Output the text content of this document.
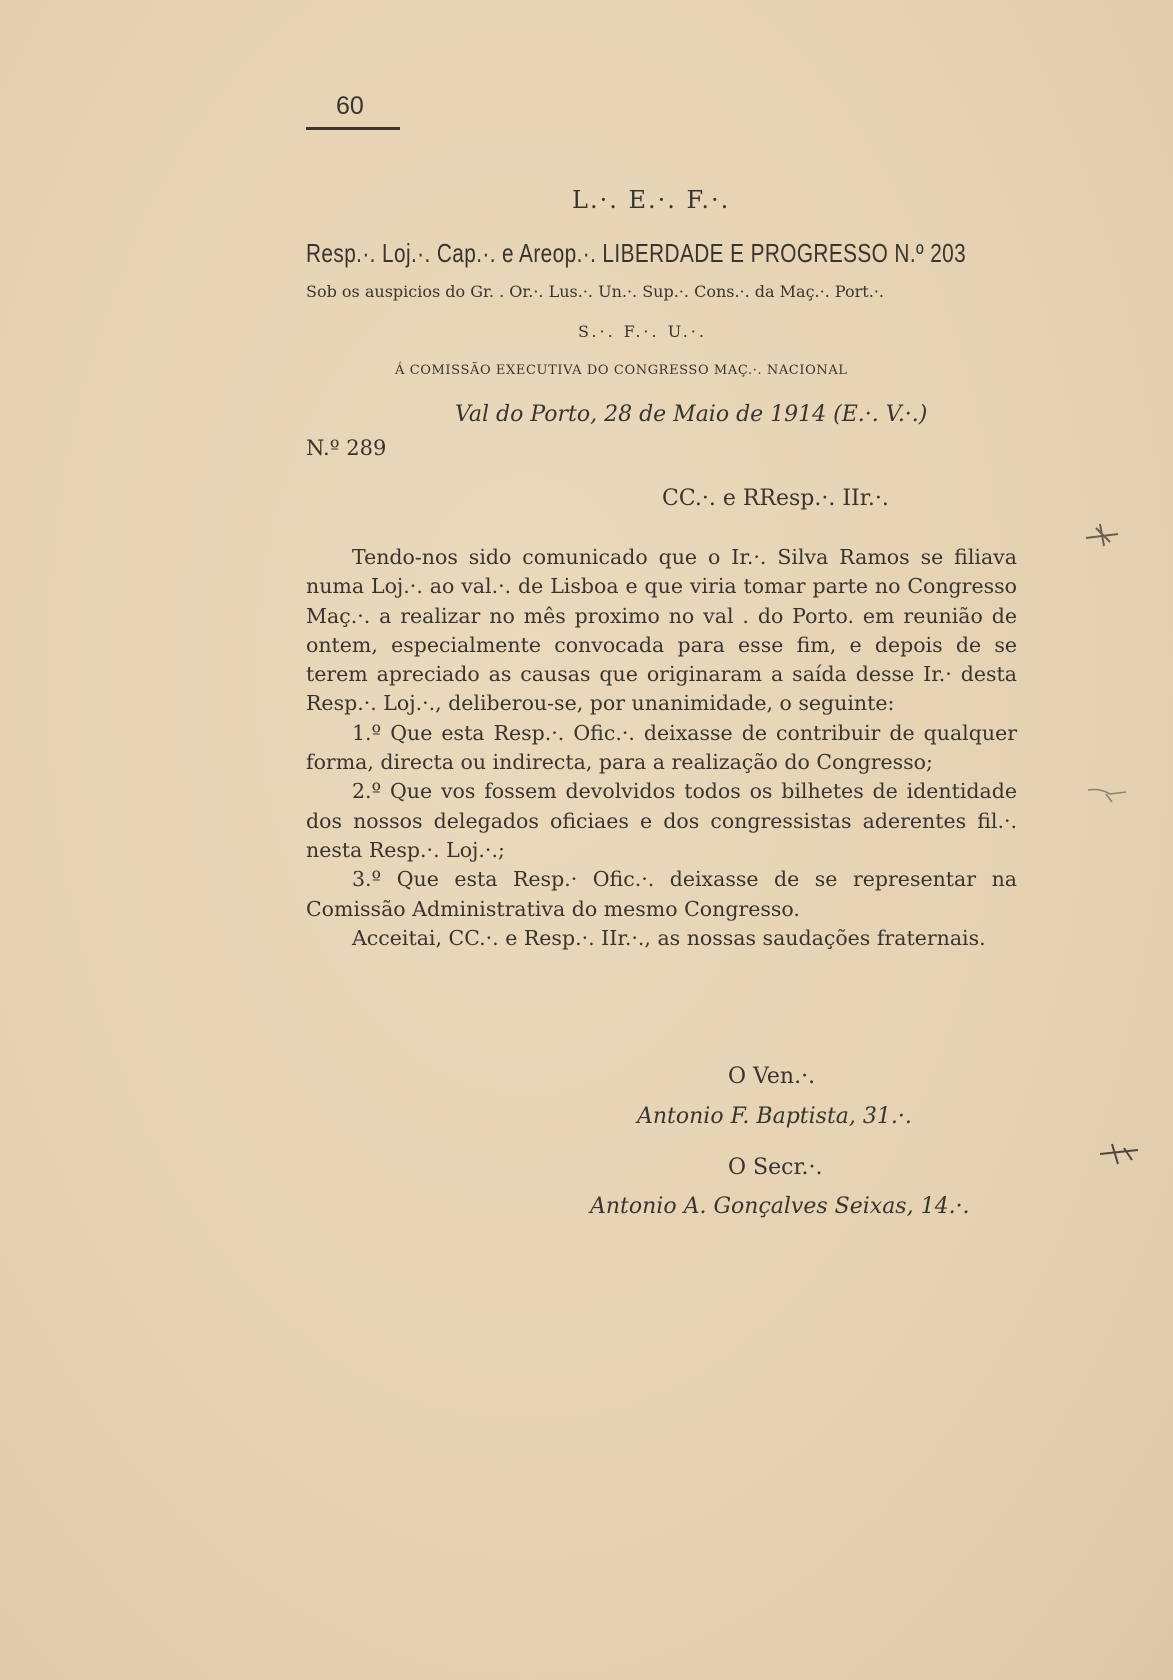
60
L.·. E.·. F.·.
Resp.·. Loj.·. Cap.·. e Areop.·. LIBERDADE E PROGRESSO N.º 203
Sob os auspicios do Gr. . Or.·. Lus.·. Un.·. Sup.·. Cons.·. da Maç.·. Port.·.
S.·. F.·. U.·.
Á COMISSÃO EXECUTIVA DO CONGRESSO MAÇ.·. NACIONAL
Val do Porto, 28 de Maio de 1914 (E.·. V.·.)
N.º 289
CC.·. e RResp.·. IIr.·.

Tendo-nos sido comunicado que o Ir.·. Silva Ramos se filiava numa Loj.·. ao val.·. de Lisboa e que viria tomar parte no Congresso Maç.·. a realizar no mês proximo no val . do Porto. em reunião de ontem, especialmente convocada para esse fim, e depois de se terem apreciado as causas que originaram a saída desse Ir.· desta Resp.·. Loj.·., deliberou-se, por unanimidade, o seguinte:

1.º Que esta Resp.·. Ofic.·. deixasse de contribuir de qualquer forma, directa ou indirecta, para a realização do Congresso;

2.º Que vos fossem devolvidos todos os bilhetes de identidade dos nossos delegados oficiaes e dos congressistas aderentes fil.·. nesta Resp.·. Loj.·.;

3.º Que esta Resp.· Ofic.·. deixasse de se representar na Comissão Administrativa do mesmo Congresso.

Acceitai, CC.·. e Resp.·. IIr.·., as nossas saudações fraternais.

O Ven.·.
Antonio F. Baptista, 31.·.
O Secr.·.
Antonio A. Gonçalves Seixas, 14.·.
